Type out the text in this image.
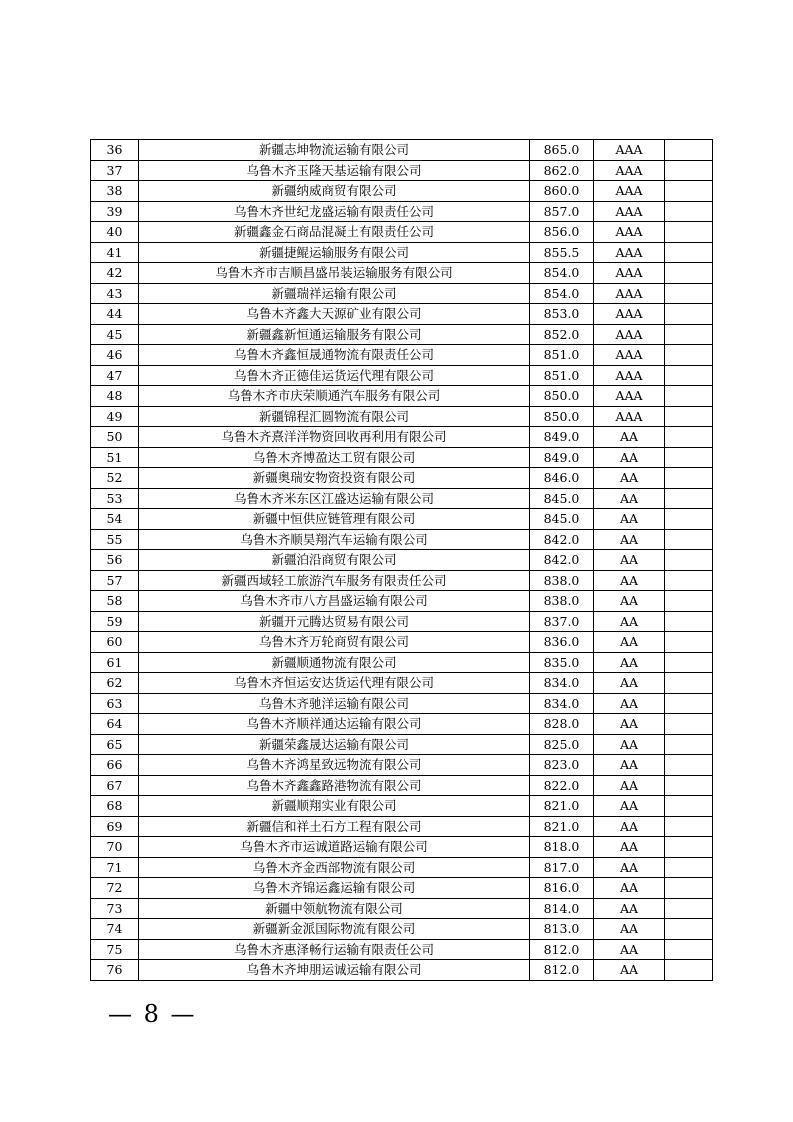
36	新疆志坤物流运输有限公司	865.0	AAA	
37	乌鲁木齐玉隆天基运输有限公司	862.0	AAA	
38	新疆纳威商贸有限公司	860.0	AAA	
39	乌鲁木齐世纪龙盛运输有限责任公司	857.0	AAA	
40	新疆鑫金石商品混凝土有限责任公司	856.0	AAA	
41	新疆捷鲲运输服务有限公司	855.5	AAA	
42	乌鲁木齐市吉顺昌盛吊装运输服务有限公司	854.0	AAA	
43	新疆瑞祥运输有限公司	854.0	AAA	
44	乌鲁木齐鑫大天源矿业有限公司	853.0	AAA	
45	新疆鑫新恒通运输服务有限公司	852.0	AAA	
46	乌鲁木齐鑫恒晟通物流有限责任公司	851.0	AAA	
47	乌鲁木齐正德佳运货运代理有限公司	851.0	AAA	
48	乌鲁木齐市庆荣顺通汽车服务有限公司	850.0	AAA	
49	新疆锦程汇圆物流有限公司	850.0	AAA	
50	乌鲁木齐熹洋洋物资回收再利用有限公司	849.0	AA	
51	乌鲁木齐博盈达工贸有限公司	849.0	AA	
52	新疆奥瑞安物资投资有限公司	846.0	AA	
53	乌鲁木齐米东区江盛达运输有限公司	845.0	AA	
54	新疆中恒供应链管理有限公司	845.0	AA	
55	乌鲁木齐顺昊翔汽车运输有限公司	842.0	AA	
56	新疆泊沿商贸有限公司	842.0	AA	
57	新疆西域轻工旅游汽车服务有限责任公司	838.0	AA	
58	乌鲁木齐市八方昌盛运输有限公司	838.0	AA	
59	新疆开元腾达贸易有限公司	837.0	AA	
60	乌鲁木齐万轮商贸有限公司	836.0	AA	
61	新疆顺通物流有限公司	835.0	AA	
62	乌鲁木齐恒运安达货运代理有限公司	834.0	AA	
63	乌鲁木齐驰洋运输有限公司	834.0	AA	
64	乌鲁木齐顺祥通达运输有限公司	828.0	AA	
65	新疆荣鑫晟达运输有限公司	825.0	AA	
66	乌鲁木齐鸿星致远物流有限公司	823.0	AA	
67	乌鲁木齐鑫鑫路港物流有限公司	822.0	AA	
68	新疆顺翔实业有限公司	821.0	AA	
69	新疆信和祥土石方工程有限公司	821.0	AA	
70	乌鲁木齐市运诚道路运输有限公司	818.0	AA	
71	乌鲁木齐金西部物流有限公司	817.0	AA	
72	乌鲁木齐锦运鑫运输有限公司	816.0	AA	
73	新疆中领航物流有限公司	814.0	AA	
74	新疆新金派国际物流有限公司	813.0	AA	
75	乌鲁木齐惠泽畅行运输有限责任公司	812.0	AA	
76	乌鲁木齐坤朋运诚运输有限公司	812.0	AA	
— 8 —
